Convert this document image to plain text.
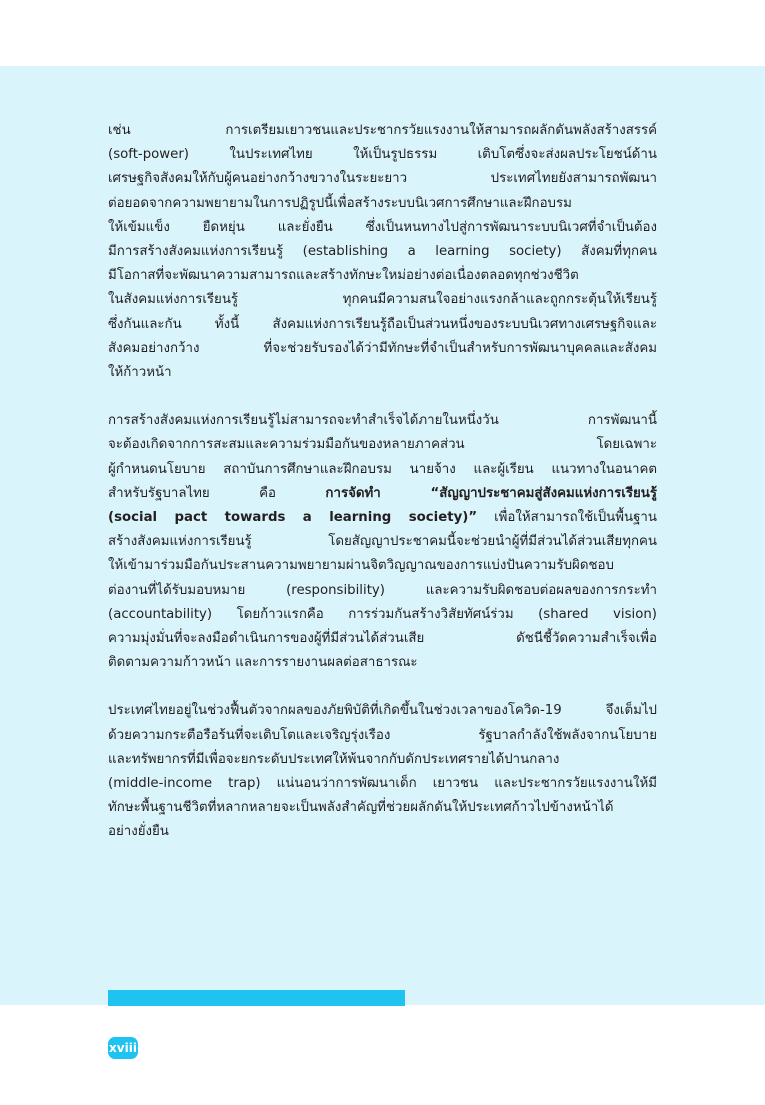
เช่น การเตรียมเยาวชนและประชากรวัยแรงงานให้สามารถผลักดันพลังสร้างสรรค์
(soft-power) ในประเทศไทย ให้เป็นรูปธรรม เติบโตซึ่งจะส่งผลประโยชน์ด้าน
เศรษฐกิจสังคมให้กับผู้คนอย่างกว้างขวางในระยะยาว ประเทศไทยยังสามารถพัฒนา
ต่อยอดจากความพยายามในการปฏิรูปนี้เพื่อสร้างระบบนิเวศการศึกษาและฝึกอบรม
ให้เข้มแข็ง ยืดหยุ่น และยั่งยืน ซึ่งเป็นหนทางไปสู่การพัฒนาระบบนิเวศที่จำเป็นต้อง
มีการสร้างสังคมแห่งการเรียนรู้ (establishing a learning society) สังคมที่ทุกคน
มีโอกาสที่จะพัฒนาความสามารถและสร้างทักษะใหม่อย่างต่อเนื่องตลอดทุกช่วงชีวิต
ในสังคมแห่งการเรียนรู้ ทุกคนมีความสนใจอย่างแรงกล้าและถูกกระตุ้นให้เรียนรู้
ซึ่งกันและกัน ทั้งนี้ สังคมแห่งการเรียนรู้ถือเป็นส่วนหนึ่งของระบบนิเวศทางเศรษฐกิจและ
สังคมอย่างกว้าง ที่จะช่วยรับรองได้ว่ามีทักษะที่จำเป็นสำหรับการพัฒนาบุคคลและสังคม
ให้ก้าวหน้า
การสร้างสังคมแห่งการเรียนรู้ไม่สามารถจะทำสำเร็จได้ภายในหนึ่งวัน การพัฒนานี้
จะต้องเกิดจากการสะสมและความร่วมมือกันของหลายภาคส่วน โดยเฉพาะ
ผู้กำหนดนโยบาย สถาบันการศึกษาและฝึกอบรม นายจ้าง และผู้เรียน แนวทางในอนาคต
สำหรับรัฐบาลไทย คือ การจัดทำ “สัญญาประชาคมสู่สังคมแห่งการเรียนรู้
(social pact towards a learning society)” เพื่อให้สามารถใช้เป็นพื้นฐาน
สร้างสังคมแห่งการเรียนรู้ โดยสัญญาประชาคมนี้จะช่วยนำผู้ที่มีส่วนได้ส่วนเสียทุกคน
ให้เข้ามาร่วมมือกันประสานความพยายามผ่านจิตวิญญาณของการแบ่งปันความรับผิดชอบ
ต่องานที่ได้รับมอบหมาย (responsibility) และความรับผิดชอบต่อผลของการกระทำ
(accountability) โดยก้าวแรกคือ การร่วมกันสร้างวิสัยทัศน์ร่วม (shared vision)
ความมุ่งมั่นที่จะลงมือดำเนินการของผู้ที่มีส่วนได้ส่วนเสีย ดัชนีชี้วัดความสำเร็จเพื่อ
ติดตามความก้าวหน้า และการรายงานผลต่อสาธารณะ
ประเทศไทยอยู่ในช่วงฟื้นตัวจากผลของภัยพิบัติที่เกิดขึ้นในช่วงเวลาของโควิด-19 จึงเต็มไป
ด้วยความกระตือรือร้นที่จะเติบโตและเจริญรุ่งเรือง รัฐบาลกำลังใช้พลังจากนโยบาย
และทรัพยากรที่มีเพื่อจะยกระดับประเทศให้พ้นจากกับดักประเทศรายได้ปานกลาง
(middle-income trap) แน่นอนว่าการพัฒนาเด็ก เยาวชน และประชากรวัยแรงงานให้มี
ทักษะพื้นฐานชีวิตที่หลากหลายจะเป็นพลังสำคัญที่ช่วยผลักดันให้ประเทศก้าวไปข้างหน้าได้
อย่างยั่งยืน
xviii
